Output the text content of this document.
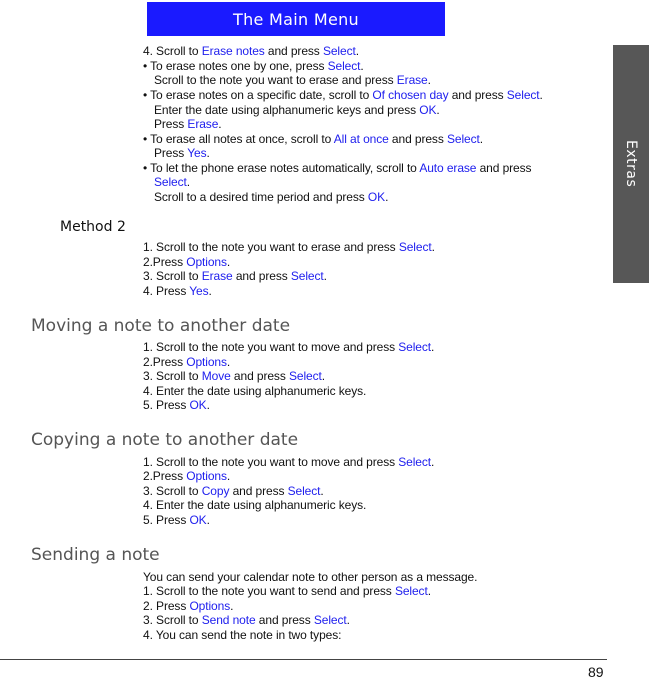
The Main Menu
Extras
4. Scroll to Erase notes and press Select.
• To erase notes one by one, press Select.
Scroll to the note you want to erase and press Erase.
• To erase notes on a specific date, scroll to Of chosen day and press Select.
Enter the date using alphanumeric keys and press OK.
Press Erase.
• To erase all notes at once, scroll to All at once and press Select.
Press Yes.
• To let the phone erase notes automatically, scroll to Auto erase and press
Select.
Scroll to a desired time period and press OK.
Method 2
1. Scroll to the note you want to erase and press Select.
2.Press Options.
3. Scroll to Erase and press Select.
4. Press Yes.
Moving a note to another date
1. Scroll to the note you want to move and press Select.
2.Press Options.
3. Scroll to Move and press Select.
4. Enter the date using alphanumeric keys.
5. Press OK.
Copying a note to another date
1. Scroll to the note you want to move and press Select.
2.Press Options.
3. Scroll to Copy and press Select.
4. Enter the date using alphanumeric keys.
5. Press OK.
Sending a note
You can send your calendar note to other person as a message.
1. Scroll to the note you want to send and press Select.
2. Press Options.
3. Scroll to Send note and press Select.
4. You can send the note in two types:
89
